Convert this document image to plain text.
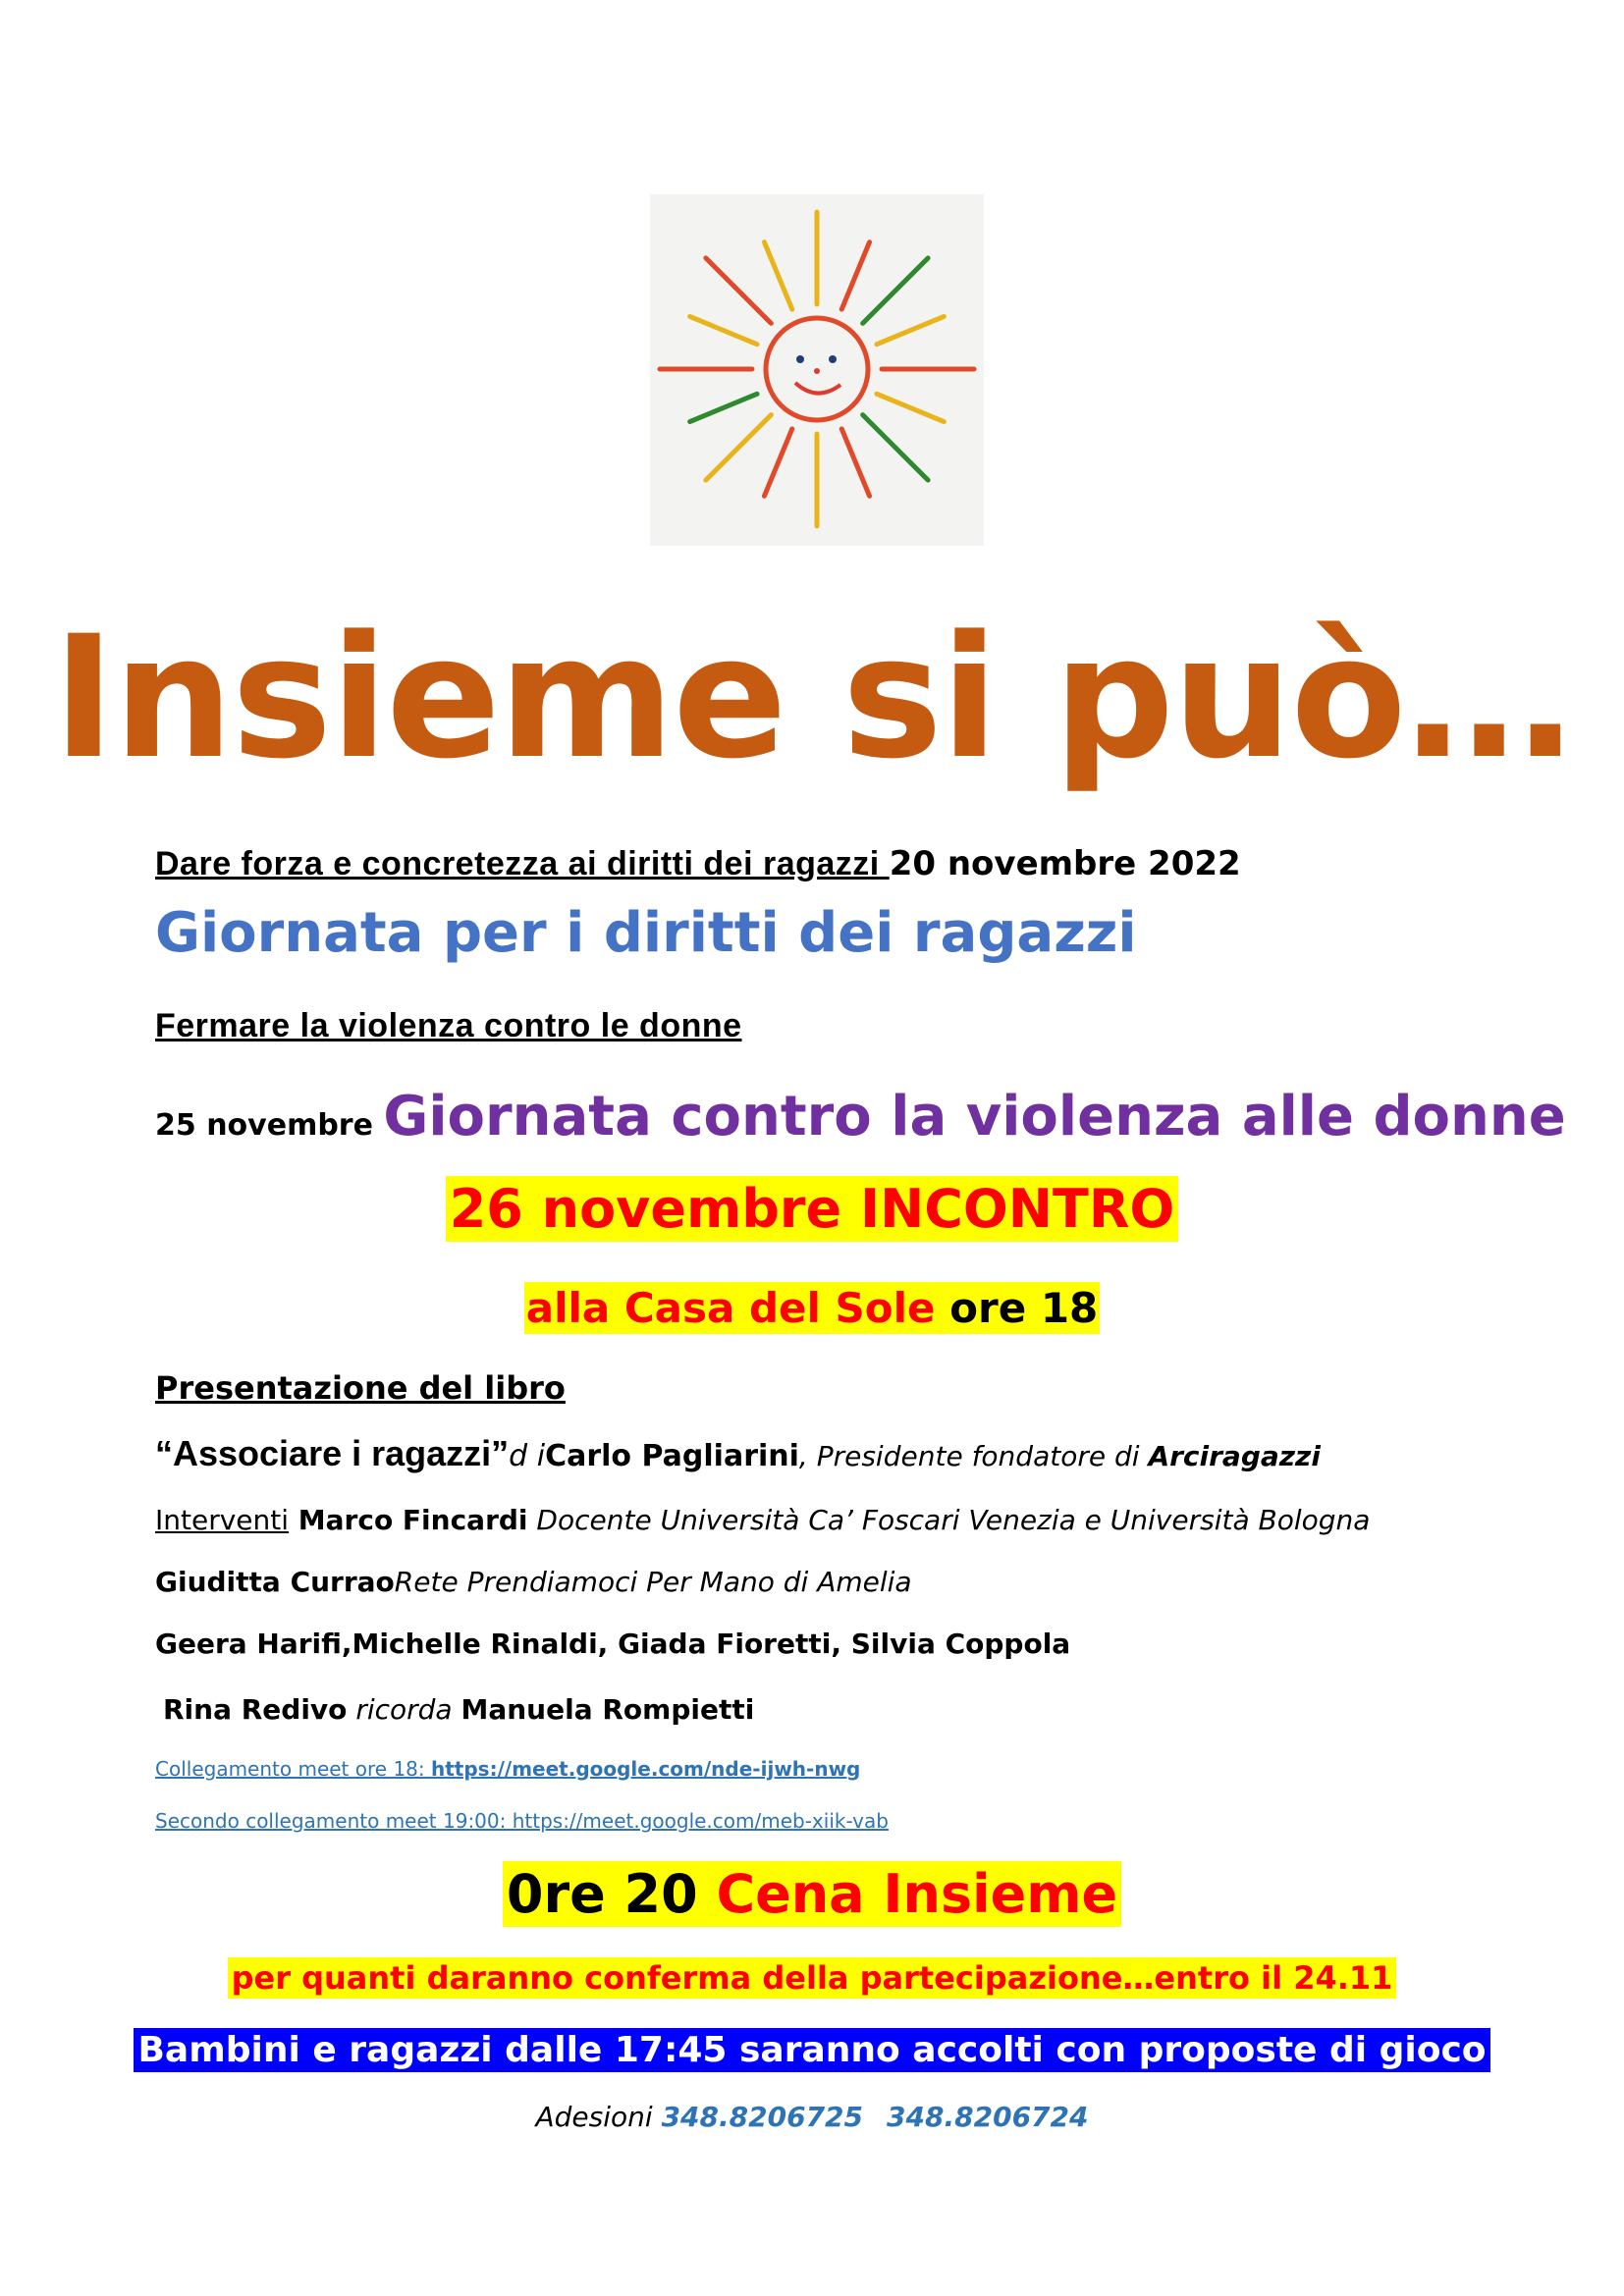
Insieme si può…
Dare forza e concretezza ai diritti dei ragazzi 20 novembre 2022
Giornata per i diritti dei ragazzi
Fermare la violenza contro le donne
25 novembre Giornata contro la violenza alle donne
26 novembre INCONTRO
alla Casa del Sole ore 18
Presentazione del libro
“Associare i ragazzi”d iCarlo Pagliarini, Presidente fondatore di Arciragazzi
Interventi Marco Fincardi Docente Università Ca’ Foscari Venezia e Università Bologna
Giuditta CurraoRete Prendiamoci Per Mano di Amelia
Geera Harifi,Michelle Rinaldi, Giada Fioretti, Silvia Coppola
Rina Redivo ricorda Manuela Rompietti
Collegamento meet ore 18: https://meet.google.com/nde-ijwh-nwg
Secondo collegamento meet 19:00: https://meet.google.com/meb-xiik-vab
0re 20 Cena Insieme
per quanti daranno conferma della partecipazione…entro il 24.11
Bambini e ragazzi dalle 17:45 saranno accolti con proposte di gioco
Adesioni 348.8206725 348.8206724
